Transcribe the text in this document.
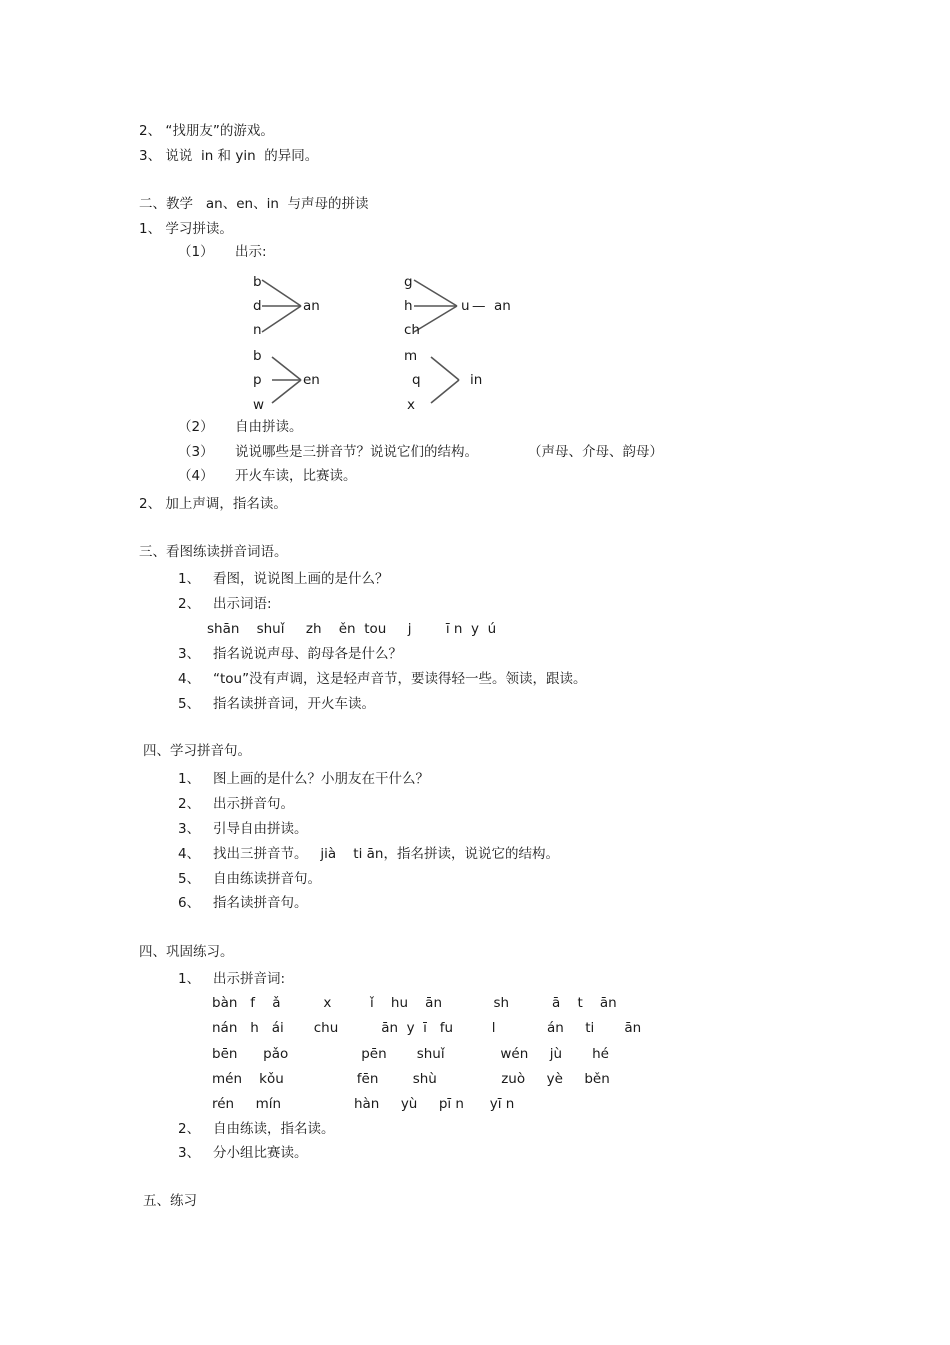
2、 “找朋友”的游戏。
3、 说说  in 和 yin  的异同。
二、教学   an、en、in  与声母的拼读
1、 学习拼读。
（1）     出示:
b
d
n
an
g
h
ch
u — an
b
p
w
en
m
q
x
in
（2）     自由拼读。
（3）     说说哪些是三拼音节？说说它们的结构。	（声母、介母、韵母）
（4）     开火车读，比赛读。
2、 加上声调，指名读。
三、看图练读拼音词语。
1、   看图，说说图上画的是什么？
2、   出示词语:
shān    shuǐ     zh    ěn  tou     j        ī n  y  ú
3、   指名说说声母、韵母各是什么？
4、   “tou”没有声调，这是轻声音节，要读得轻一些。领读，跟读。
5、   指名读拼音词，开火车读。
四、学习拼音句。
1、   图上画的是什么？小朋友在干什么？
2、   出示拼音句。
3、   引导自由拼读。
4、   找出三拼音节。   jià    ti ān，指名拼读，说说它的结构。
5、   自由练读拼音句。
6、   指名读拼音句。
四、巩固练习。
1、   出示拼音词:
bàn   f    ǎ          x         ǐ    hu    ān            sh          ā    t    ān
nán   h   ái       chu          ān  y  ī   fu         l            án     ti       ān
bēn      pǎo                 pēn       shuǐ             wén     jù       hé
mén    kǒu                 fēn        shù               zuò     yè     běn
rén     mín                 hàn     yù     pī n      yī n
2、   自由练读，指名读。
3、   分小组比赛读。
五、练习
